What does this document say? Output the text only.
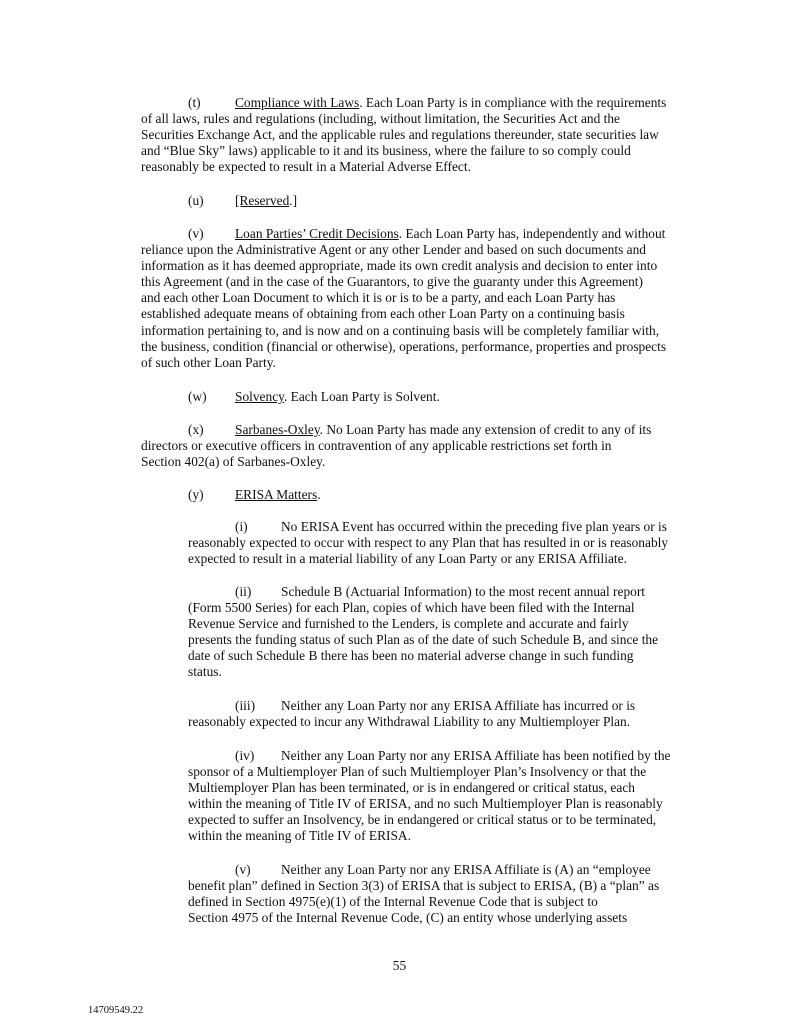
(t)	Compliance with Laws. Each Loan Party is in compliance with the requirements
of all laws, rules and regulations (including, without limitation, the Securities Act and the
Securities Exchange Act, and the applicable rules and regulations thereunder, state securities law
and “Blue Sky” laws) applicable to it and its business, where the failure to so comply could
reasonably be expected to result in a Material Adverse Effect.
(u) [Reserved.]
(v) Loan Parties’ Credit Decisions. Each Loan Party has, independently and without
reliance upon the Administrative Agent or any other Lender and based on such documents and
information as it has deemed appropriate, made its own credit analysis and decision to enter into
this Agreement (and in the case of the Guarantors, to give the guaranty under this Agreement)
and each other Loan Document to which it is or is to be a party, and each Loan Party has
established adequate means of obtaining from each other Loan Party on a continuing basis
information pertaining to, and is now and on a continuing basis will be completely familiar with,
the business, condition (financial or otherwise), operations, performance, properties and prospects
of such other Loan Party.
(w) Solvency. Each Loan Party is Solvent.
(x) Sarbanes-Oxley. No Loan Party has made any extension of credit to any of its
directors or executive officers in contravention of any applicable restrictions set forth in
Section 402(a) of Sarbanes-Oxley.
(y) ERISA Matters.
(i) No ERISA Event has occurred within the preceding five plan years or is
reasonably expected to occur with respect to any Plan that has resulted in or is reasonably
expected to result in a material liability of any Loan Party or any ERISA Affiliate.
(ii) Schedule B (Actuarial Information) to the most recent annual report
(Form 5500 Series) for each Plan, copies of which have been filed with the Internal
Revenue Service and furnished to the Lenders, is complete and accurate and fairly
presents the funding status of such Plan as of the date of such Schedule B, and since the
date of such Schedule B there has been no material adverse change in such funding
status.
(iii) Neither any Loan Party nor any ERISA Affiliate has incurred or is
reasonably expected to incur any Withdrawal Liability to any Multiemployer Plan.
(iv) Neither any Loan Party nor any ERISA Affiliate has been notified by the
sponsor of a Multiemployer Plan of such Multiemployer Plan’s Insolvency or that the
Multiemployer Plan has been terminated, or is in endangered or critical status, each
within the meaning of Title IV of ERISA, and no such Multiemployer Plan is reasonably
expected to suffer an Insolvency, be in endangered or critical status or to be terminated,
within the meaning of Title IV of ERISA.
(v) Neither any Loan Party nor any ERISA Affiliate is (A) an “employee
benefit plan” defined in Section 3(3) of ERISA that is subject to ERISA, (B) a “plan” as
defined in Section 4975(e)(1) of the Internal Revenue Code that is subject to
Section 4975 of the Internal Revenue Code, (C) an entity whose underlying assets
55
14709549.22
